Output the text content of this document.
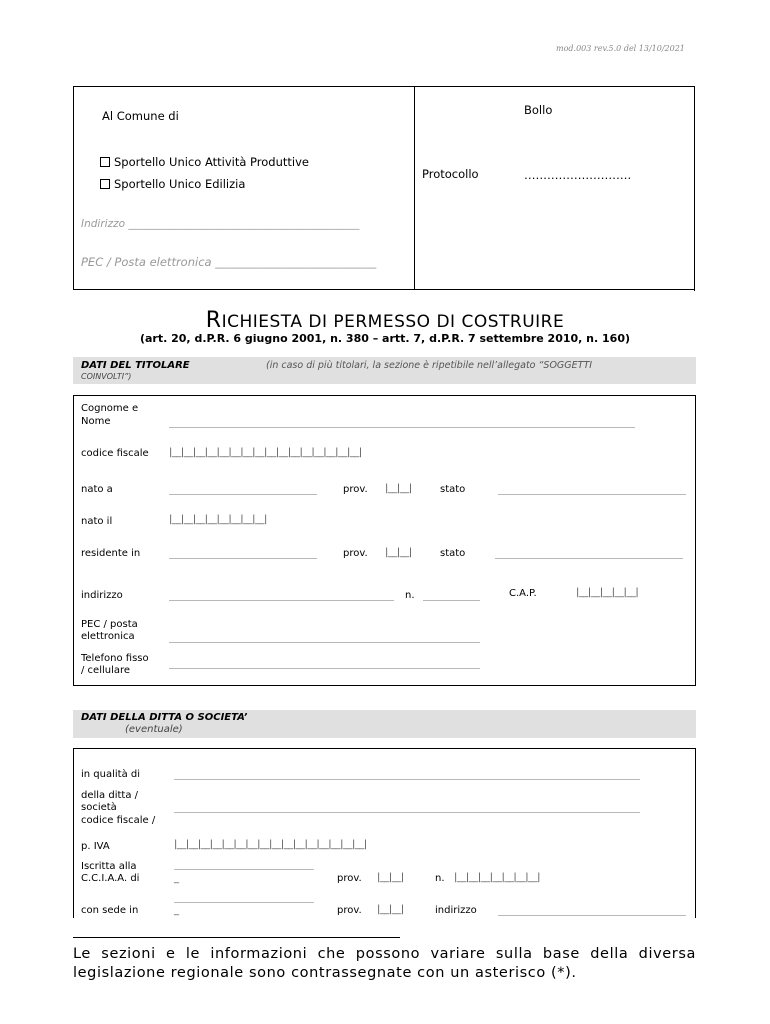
mod.003 rev.5.0 del 13/10/2021
Al Comune di
Sportello Unico Attività Produttive
Sportello Unico Edilizia
Indirizzo ____________________________________________
PEC / Posta elettronica ____________________________
Bollo
Protocollo	……………………….
RICHIESTA DI PERMESSO DI COSTRUIRE
(art. 20, d.P.R. 6 giugno 2001, n. 380 – artt. 7, d.P.R. 7 settembre 2010, n. 160)
DATI DEL TITOLARE	(in caso di più titolari, la sezione è ripetibile nell’allegato “SOGGETTI
COINVOLTI”)
Cognome e
Nome
codice fiscale |__|__|__|__|__|__|__|__|__|__|__|__|__|__|__|__|
nato a	prov. |__|__|	stato
nato il	|__|__|__|__|__|__|__|__|
residente in	prov. |__|__|	stato
indirizzo	n.	C.A.P.	|__|__|__|__|__|
PEC / posta
elettronica
Telefono fisso
/ cellulare
DATI DELLA DITTA O SOCIETA’
(eventuale)
in qualità di
della ditta /
società
codice fiscale /
p. IVA	|__|__|__|__|__|__|__|__|__|__|__|__|__|__|__|__|
Iscritta alla
C.C.I.A.A. di	_	prov. |__|__|	n. |__|__|__|__|__|__|__|
con sede in	_	prov. |__|__|	indirizzo
Le sezioni e le informazioni che possono variare sulla base della diversa
legislazione regionale sono contrassegnate con un asterisco (*).
